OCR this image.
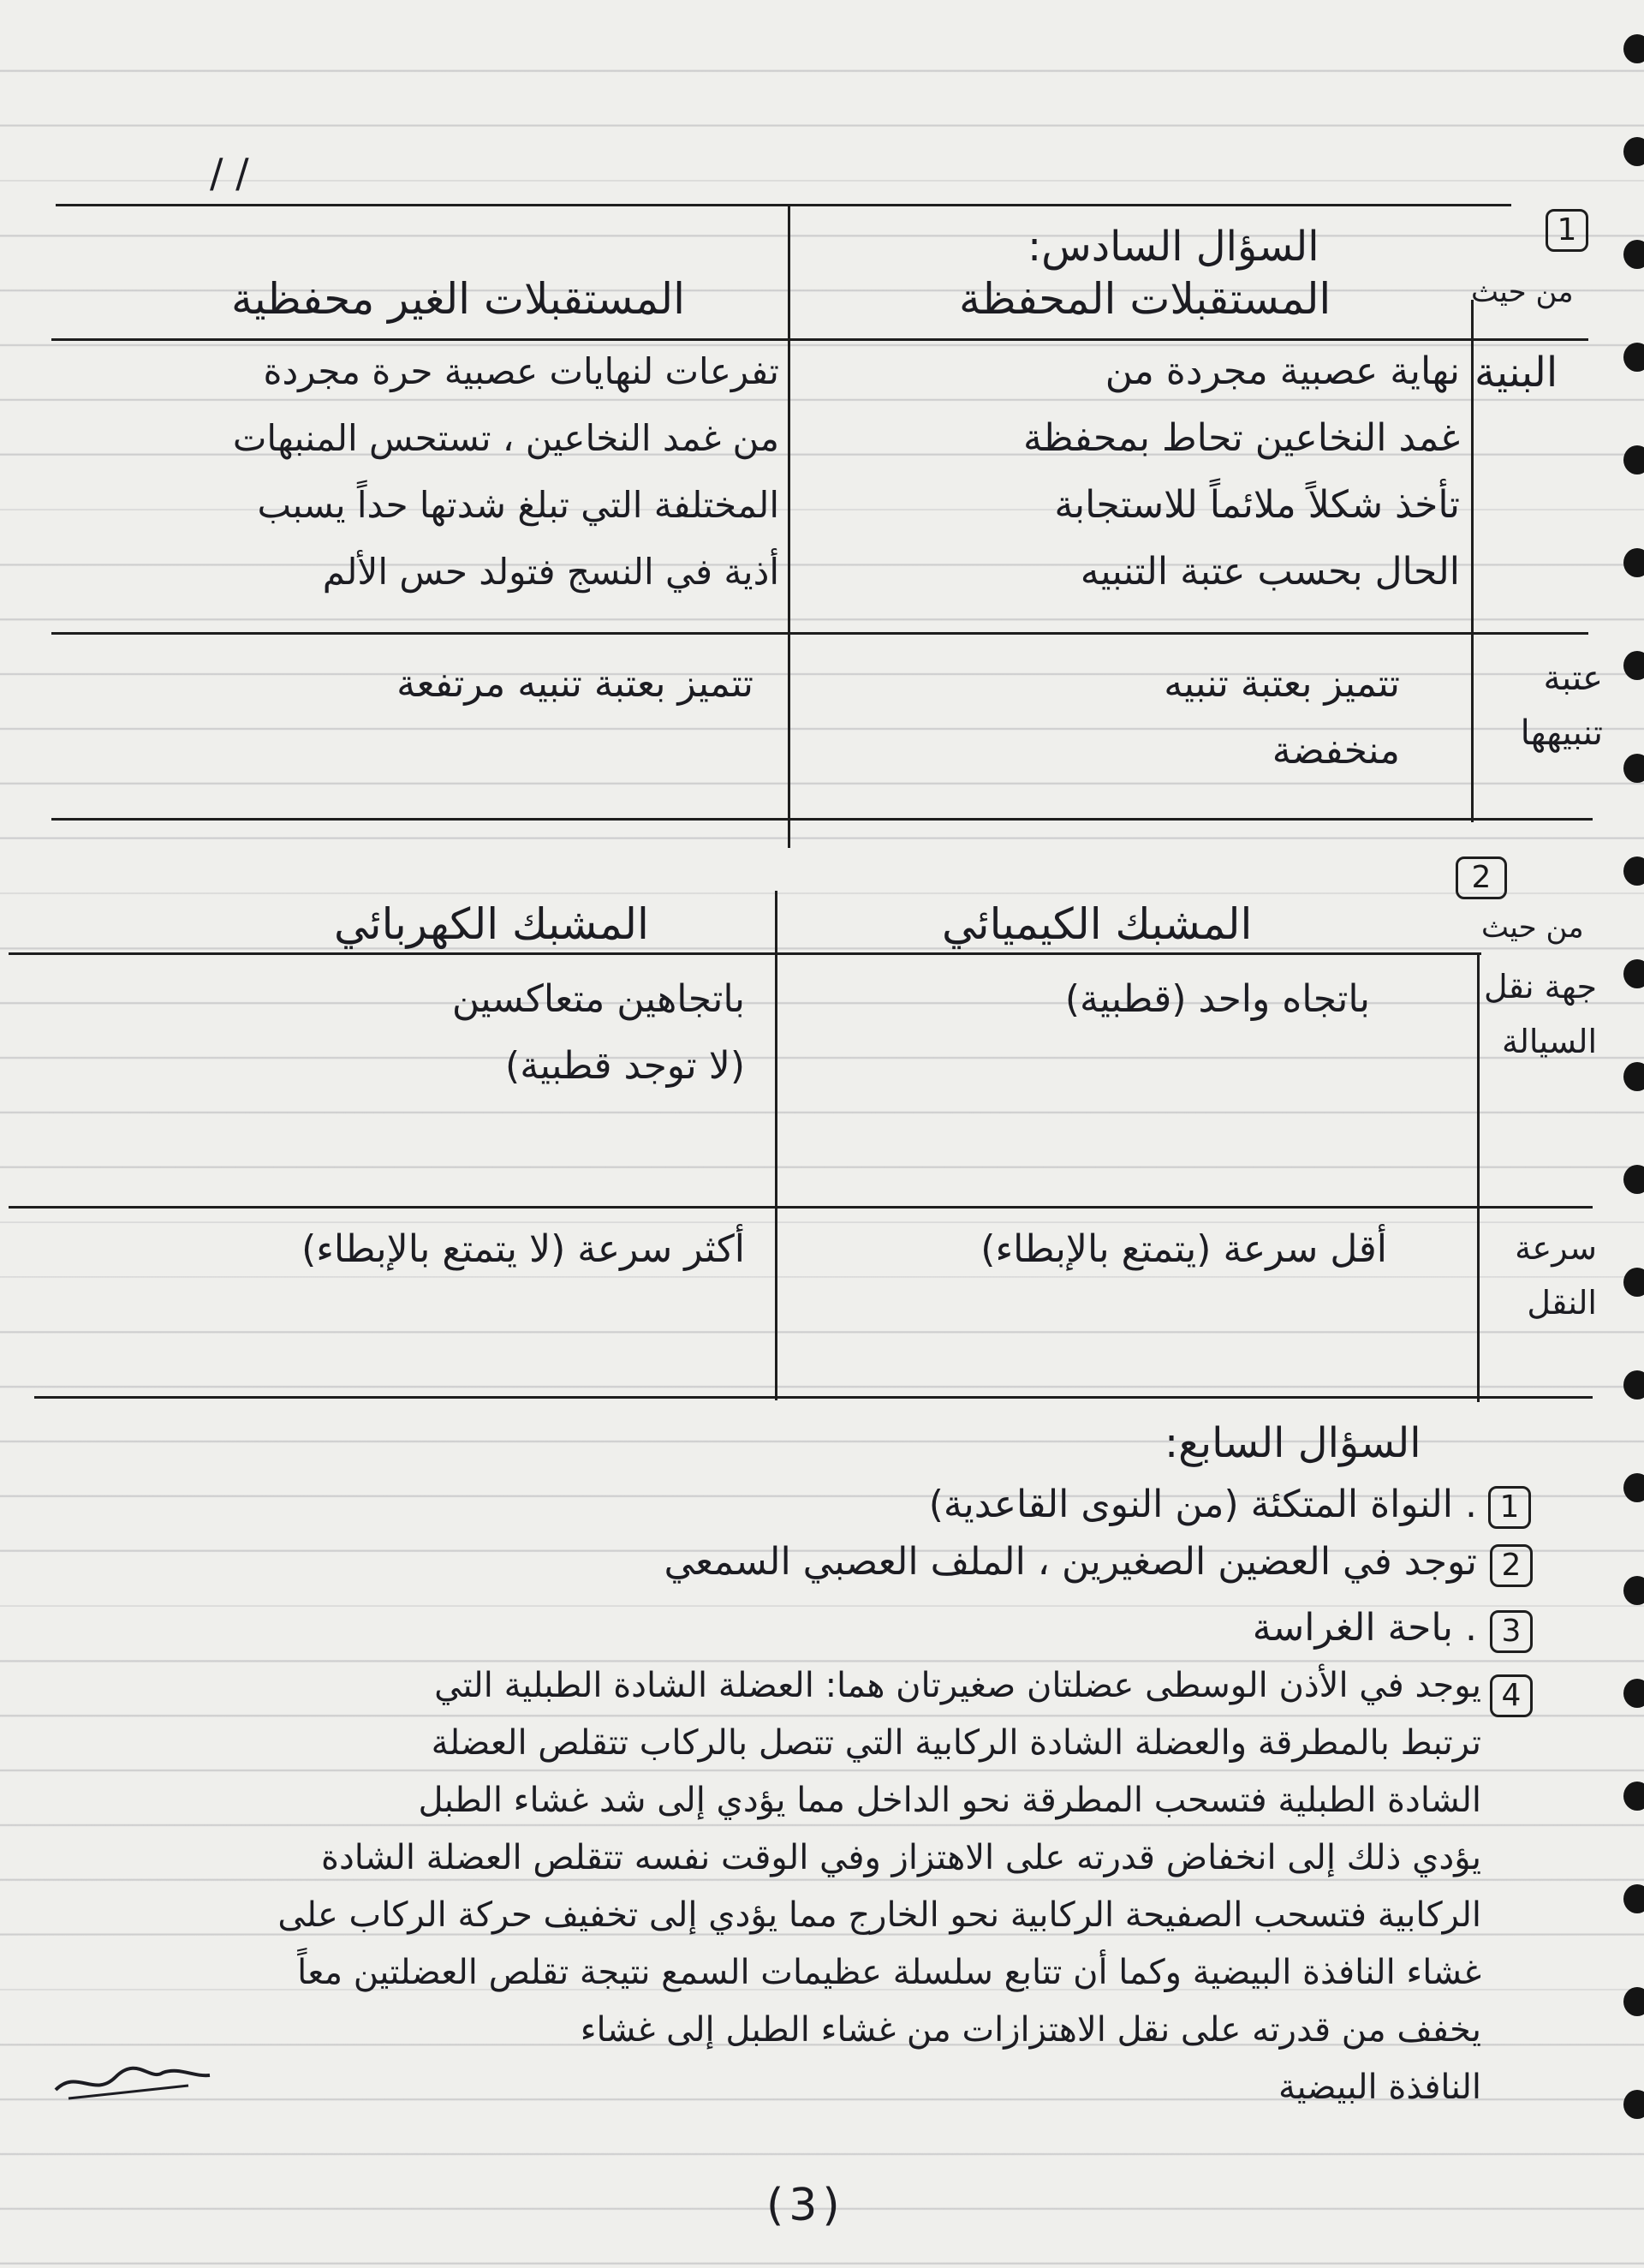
/ /
السؤال السادس:	1
من حيث
المستقبلات المحفظة
المستقبلات الغير محفظية
البنية
نهاية عصبية مجردة من
غمد النخاعين تحاط بمحفظة
تأخذ شكلاً ملائماً للاستجابة
الحال بحسب عتبة التنبيه
تفرعات لنهايات عصبية حرة مجردة
من غمد النخاعين ، تستحس المنبهات
المختلفة التي تبلغ شدتها حداً يسبب
أذية في النسج فتولد حس الألم
عتبة تنبيهها
تتميز بعتبة تنبيه
منخفضة
تتميز بعتبة تنبيه مرتفعة
2
من حيث
المشبك الكيميائي
المشبك الكهربائي
جهة نقل السيالة
باتجاه واحد (قطبية)
باتجاهين متعاكسين
(لا توجد قطبية)
سرعة النقل
أقل سرعة (يتمتع بالإبطاء)
أكثر سرعة (لا يتمتع بالإبطاء)
السؤال السابع:
1
. النواة المتكئة (من النوى القاعدية)
2
توجد في العضين الصغيرين ، الملف العصبي السمعي
3
. باحة الغراسة
4
يوجد في الأذن الوسطى عضلتان صغيرتان هما: العضلة الشادة الطبلية التي
ترتبط بالمطرقة والعضلة الشادة الركابية التي تتصل بالركاب تتقلص العضلة
الشادة الطبلية فتسحب المطرقة نحو الداخل مما يؤدي إلى شد غشاء الطبل
يؤدي ذلك إلى انخفاض قدرته على الاهتزاز وفي الوقت نفسه تتقلص العضلة الشادة
الركابية فتسحب الصفيحة الركابية نحو الخارج مما يؤدي إلى تخفيف حركة الركاب على
غشاء النافذة البيضية وكما أن تتابع سلسلة عظيمات السمع نتيجة تقلص العضلتين معاً
يخفف من قدرته على نقل الاهتزازات من غشاء الطبل إلى غشاء
النافذة البيضية
(3)
